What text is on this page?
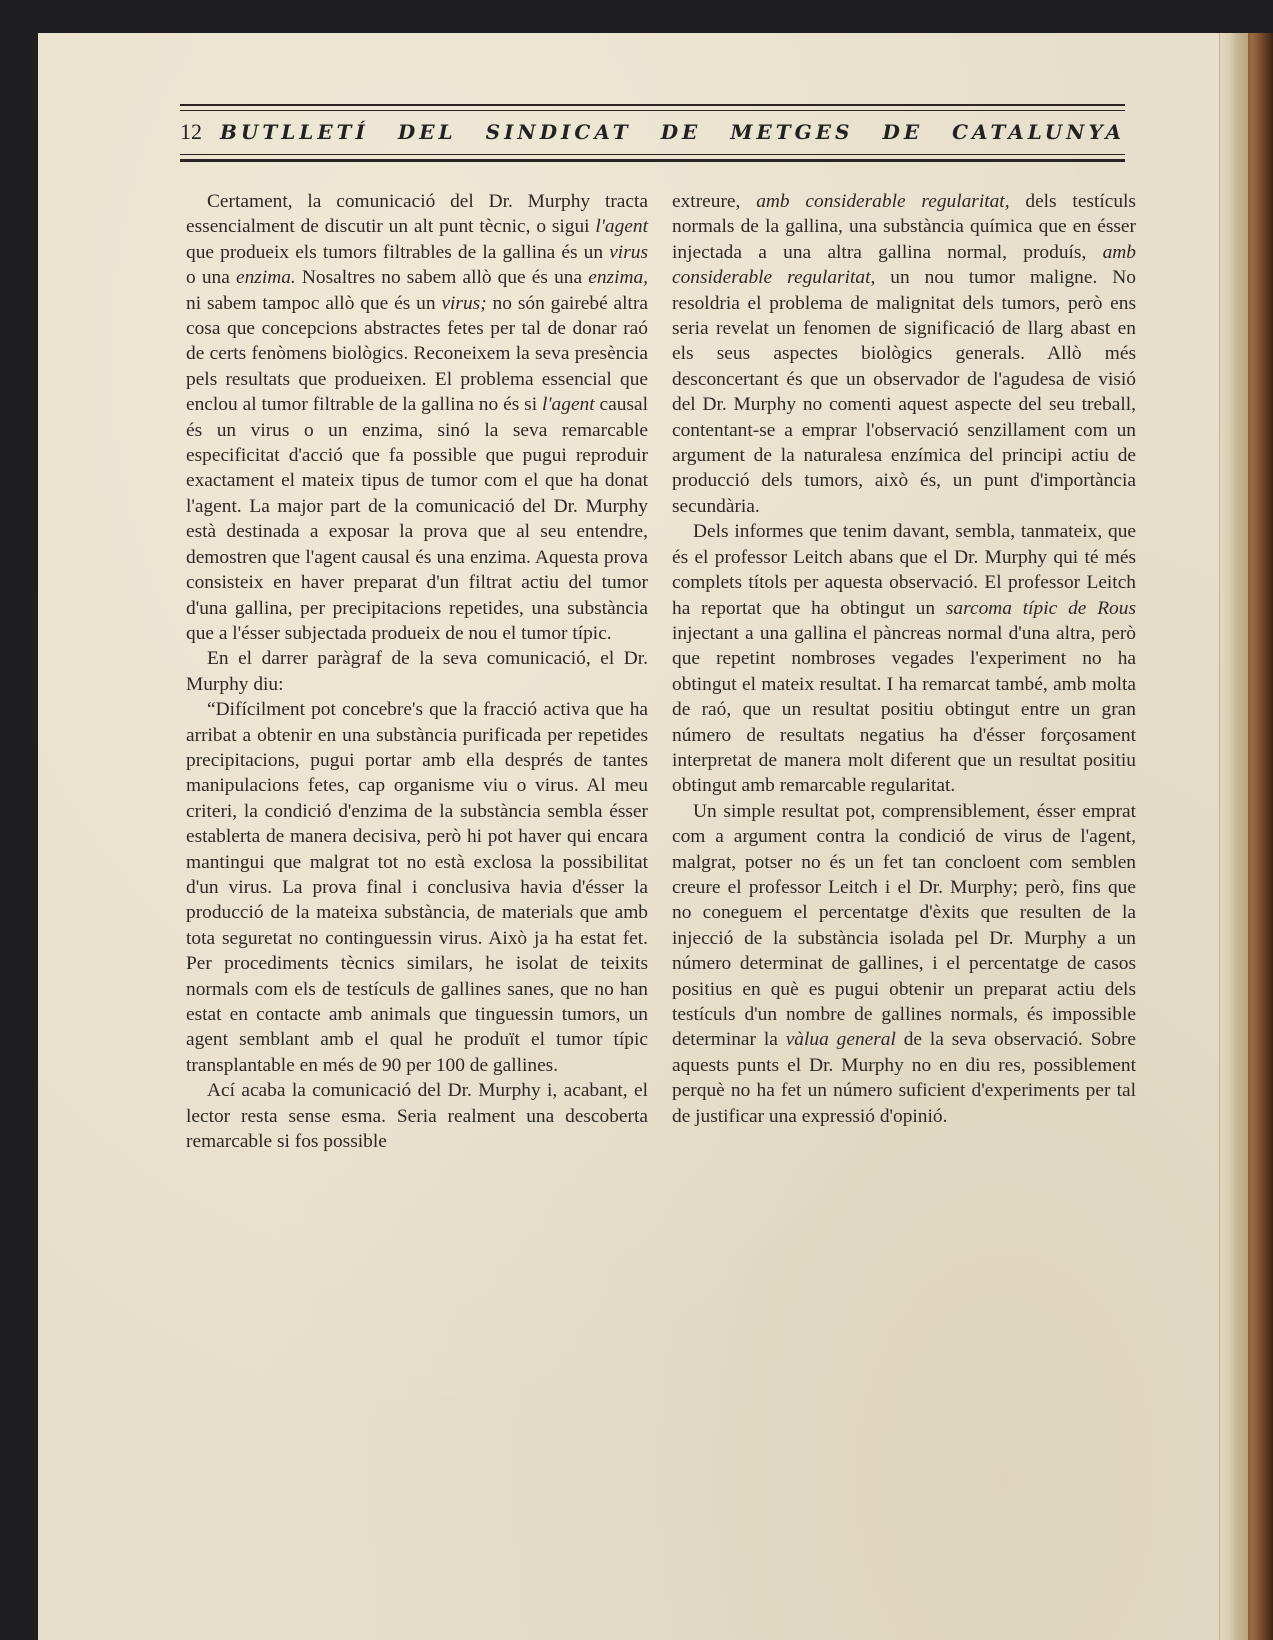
12 BUTLLETÍ DEL SINDICAT DE METGES DE CATALUNYA

Certament, la comunicació del Dr. Murphy tracta essencialment de discutir un alt punt tècnic, o sigui l'agent que produeix els tumors filtrables de la gallina és un virus o una enzima. Nosaltres no sabem allò que és una enzima, ni sabem tampoc allò que és un virus; no són gairebé altra cosa que concepcions abstractes fetes per tal de donar raó de certs fenòmens biològics. Reconeixem la seva presència pels resultats que produeixen. El problema essencial que enclou al tumor filtrable de la gallina no és si l'agent causal és un virus o un enzima, sinó la seva remarcable especificitat d'acció que fa possible que pugui reproduir exactament el mateix tipus de tumor com el que ha donat l'agent. La major part de la comunicació del Dr. Murphy està destinada a exposar la prova que al seu entendre, demostren que l'agent causal és una enzima. Aquesta prova consisteix en haver preparat d'un filtrat actiu del tumor d'una gallina, per precipitacions repetides, una substància que a l'ésser subjectada produeix de nou el tumor típic.

En el darrer paràgraf de la seva comunicació, el Dr. Murphy diu:

“Difícilment pot concebre's que la fracció activa que ha arribat a obtenir en una substància purificada per repetides precipitacions, pugui portar amb ella després de tantes manipulacions fetes, cap organisme viu o virus. Al meu criteri, la condició d'enzima de la substància sembla ésser establerta de manera decisiva, però hi pot haver qui encara mantingui que malgrat tot no està exclosa la possibilitat d'un virus. La prova final i conclusiva havia d'ésser la producció de la mateixa substància, de materials que amb tota seguretat no continguessin virus. Això ja ha estat fet. Per procediments tècnics similars, he isolat de teixits normals com els de testículs de gallines sanes, que no han estat en contacte amb animals que tinguessin tumors, un agent semblant amb el qual he produït el tumor típic transplantable en més de 90 per 100 de gallines.

Ací acaba la comunicació del Dr. Murphy i, acabant, el lector resta sense esma. Seria realment una descoberta remarcable si fos possible

extreure, amb considerable regularitat, dels testículs normals de la gallina, una substància química que en ésser injectada a una altra gallina normal, produís, amb considerable regularitat, un nou tumor maligne. No resoldria el problema de malignitat dels tumors, però ens seria revelat un fenomen de significació de llarg abast en els seus aspectes biològics generals. Allò més desconcertant és que un observador de l'agudesa de visió del Dr. Murphy no comenti aquest aspecte del seu treball, contentant-se a emprar l'observació senzillament com un argument de la naturalesa enzímica del principi actiu de producció dels tumors, això és, un punt d'importància secundària.

Dels informes que tenim davant, sembla, tanmateix, que és el professor Leitch abans que el Dr. Murphy qui té més complets títols per aquesta observació. El professor Leitch ha reportat que ha obtingut un sarcoma típic de Rous injectant a una gallina el pàncreas normal d'una altra, però que repetint nombroses vegades l'experiment no ha obtingut el mateix resultat. I ha remarcat també, amb molta de raó, que un resultat positiu obtingut entre un gran número de resultats negatius ha d'ésser forçosament interpretat de manera molt diferent que un resultat positiu obtingut amb remarcable regularitat.

Un simple resultat pot, comprensiblement, ésser emprat com a argument contra la condició de virus de l'agent, malgrat, potser no és un fet tan concloent com semblen creure el professor Leitch i el Dr. Murphy; però, fins que no coneguem el percentatge d'èxits que resulten de la injecció de la substància isolada pel Dr. Murphy a un número determinat de gallines, i el percentatge de casos positius en què es pugui obtenir un preparat actiu dels testículs d'un nombre de gallines normals, és impossible determinar la vàlua general de la seva observació. Sobre aquests punts el Dr. Murphy no en diu res, possiblement perquè no ha fet un número suficient d'experiments per tal de justificar una expressió d'opinió.
